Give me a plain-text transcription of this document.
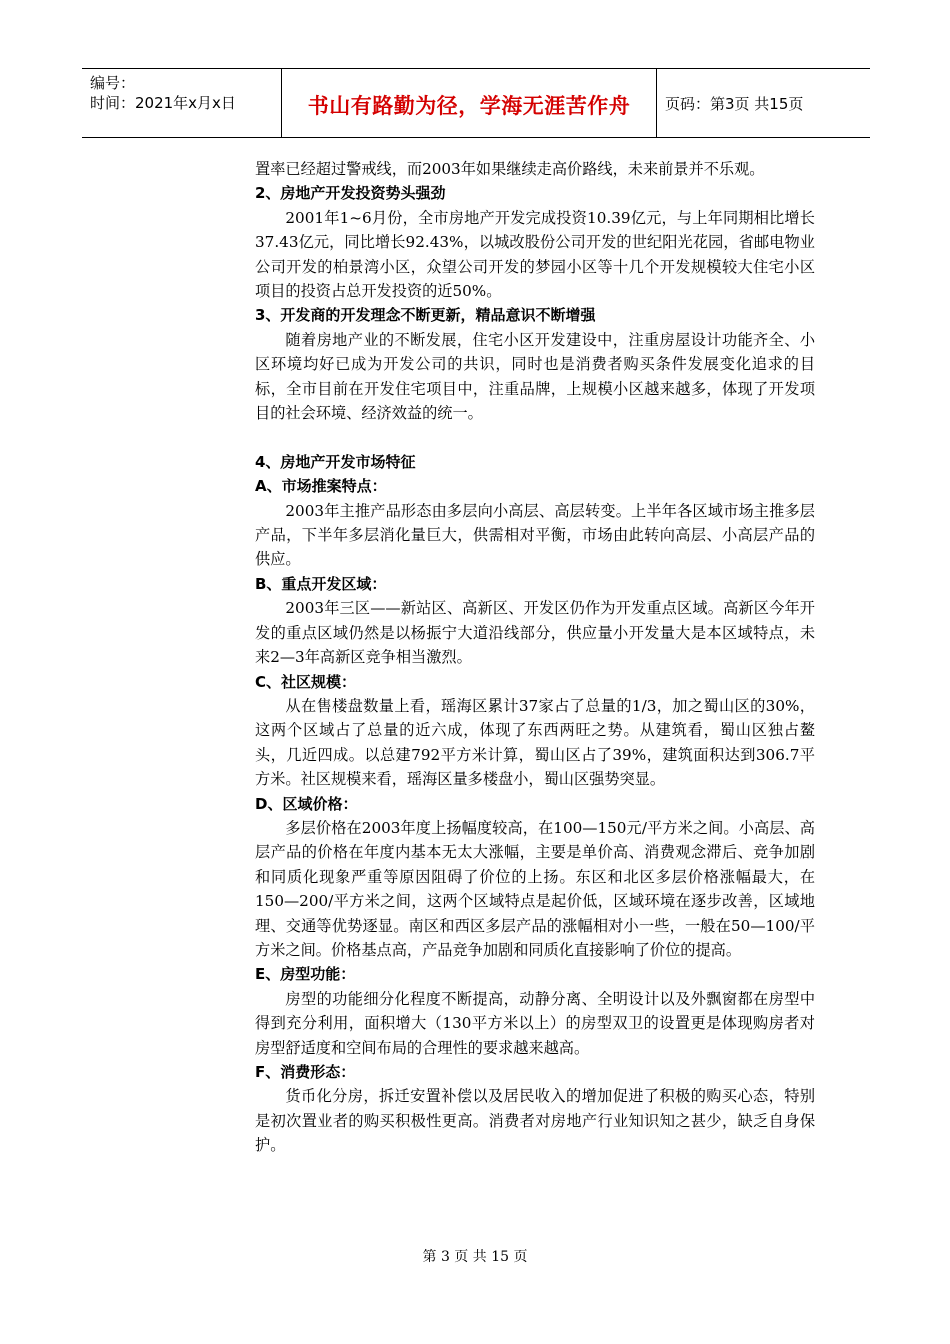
编号：
时间：2021年x月x日	书山有路勤为径，学海无涯苦作舟 页码：第3页 共15页

置率已经超过警戒线，而2003年如果继续走高价路线，未来前景并不乐观。

2、房地产开发投资势头强劲

2001年1~6月份，全市房地产开发完成投资10.39亿元，与上年同期相比增长37.43亿元，同比增长92.43%，以城改股份公司开发的世纪阳光花园，省邮电物业公司开发的柏景湾小区，众望公司开发的梦园小区等十几个开发规模较大住宅小区项目的投资占总开发投资的近50%。

3、开发商的开发理念不断更新，精品意识不断增强

随着房地产业的不断发展，住宅小区开发建设中，注重房屋设计功能齐全、小区环境均好已成为开发公司的共识，同时也是消费者购买条件发展变化追求的目标，全市目前在开发住宅项目中，注重品牌，上规模小区越来越多，体现了开发项目的社会环境、经济效益的统一。

4、房地产开发市场特征

A、市场推案特点：

2003年主推产品形态由多层向小高层、高层转变。上半年各区域市场主推多层产品，下半年多层消化量巨大，供需相对平衡，市场由此转向高层、小高层产品的供应。

B、重点开发区域：

2003年三区——新站区、高新区、开发区仍作为开发重点区域。高新区今年开发的重点区域仍然是以杨振宁大道沿线部分，供应量小开发量大是本区域特点，未来2—3年高新区竞争相当激烈。

C、社区规模：

从在售楼盘数量上看，瑶海区累计37家占了总量的1/3，加之蜀山区的30%，这两个区域占了总量的近六成，体现了东西两旺之势。从建筑看，蜀山区独占鳌头，几近四成。以总建792平方米计算，蜀山区占了39%，建筑面积达到306.7平方米。社区规模来看，瑶海区量多楼盘小，蜀山区强势突显。

D、区域价格：

多层价格在2003年度上扬幅度较高，在100—150元/平方米之间。小高层、高层产品的价格在年度内基本无太大涨幅，主要是单价高、消费观念滞后、竞争加剧和同质化现象严重等原因阻碍了价位的上扬。东区和北区多层价格涨幅最大，在150—200/平方米之间，这两个区域特点是起价低，区域环境在逐步改善，区域地理、交通等优势逐显。南区和西区多层产品的涨幅相对小一些，一般在50—100/平方米之间。价格基点高，产品竞争加剧和同质化直接影响了价位的提高。

E、房型功能：

房型的功能细分化程度不断提高，动静分离、全明设计以及外飘窗都在房型中得到充分利用，面积增大（130平方米以上）的房型双卫的设置更是体现购房者对房型舒适度和空间布局的合理性的要求越来越高。

F、消费形态：

货币化分房，拆迁安置补偿以及居民收入的增加促进了积极的购买心态，特别是初次置业者的购买积极性更高。消费者对房地产行业知识知之甚少，缺乏自身保护。

第 3 页 共 15 页
